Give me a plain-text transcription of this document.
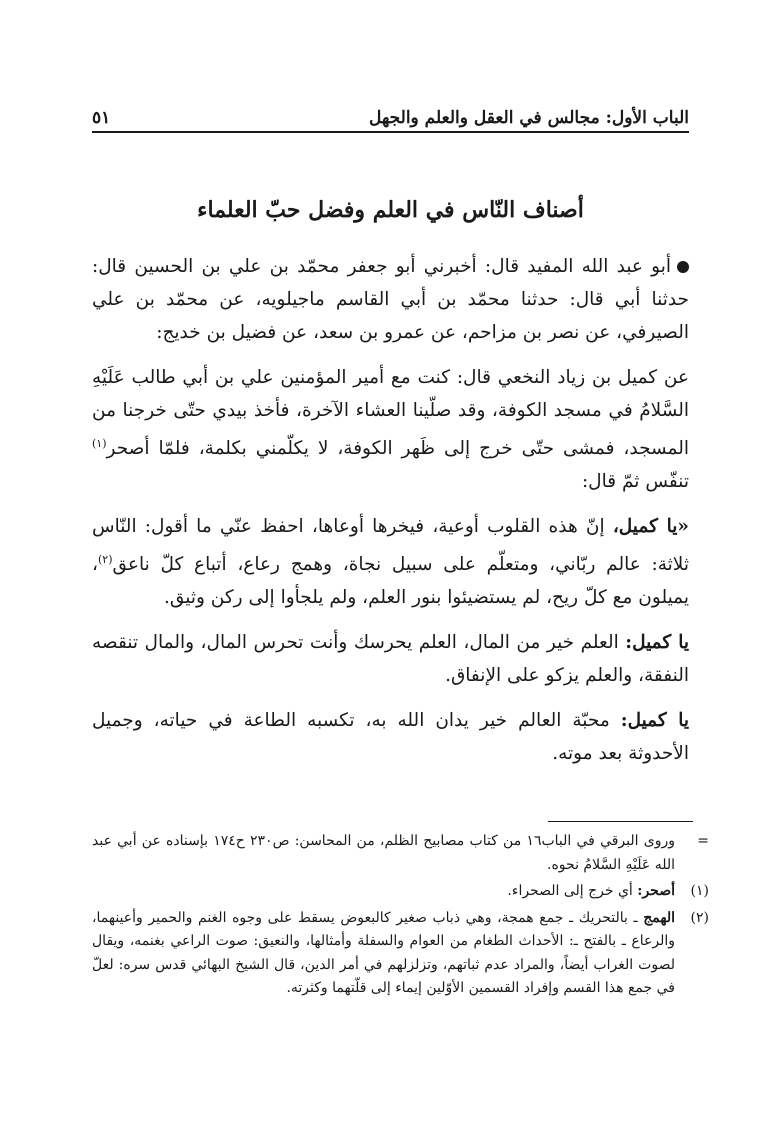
الباب الأول: مجالس في العقل والعلم والجهل
٥١
أصناف النّاس في العلم وفضل حبّ العلماء

أبو عبد الله المفيد قال: أخبرني أبو جعفر محمّد بن علي بن الحسين قال: حدثنا أبي قال: حدثنا محمّد بن أبي القاسم ماجيلويه، عن محمّد بن علي الصيرفي، عن نصر بن مزاحم، عن عمرو بن سعد، عن فضيل بن خديج:

عن كميل بن زياد النخعي قال: كنت مع أمير المؤمنين علي بن أبي طالب عَلَيْهِ السَّلامُ في مسجد الكوفة، وقد صلّينا العشاء الآخرة، فأخذ بيدي حتّى خرجنا من المسجد، فمشى حتّى خرج إلى ظَهر الكوفة، لا يكلّمني بكلمة، فلمّا أصحر$^{(١)}$ تنفّس ثمّ قال:

«يا كميل، إنّ هذه القلوب أوعية، فيخرها أوعاها، احفظ عنّي ما أقول: النّاس ثلاثة: عالم ربّاني، ومتعلّم على سبيل نجاة، وهمج رعاع، أتباع كلّ ناعق$^{(٢)}$، يميلون مع كلّ ريح، لم يستضيئوا بنور العلم، ولم يلجأوا إلى ركن وثيق.

يا كميل: العلم خير من المال، العلم يحرسك وأنت تحرس المال، والمال تنقصه النفقة، والعلم يزكو على الإنفاق.

يا كميل: محبّة العالم خير يدان الله به، تكسبه الطاعة في حياته، وجميل الأحدوثة بعد موته.

=
وروى البرقي في الباب١٦ من كتاب مصابيح الظلم، من المحاسن: ص٢٣٠ ح١٧٤ بإسناده عن أبي عبد الله عَلَيْهِ السَّلامُ نحوه.
(١)
أصحر: أي خرج إلى الصحراء.
(٢)
الهمج ـ بالتحريك ـ جمع همجة، وهي ذباب صغير كالبعوض يسقط على وجوه الغنم والحمير وأعينهما، والرعاع ـ بالفتح ـ: الأحداث الطغام من العوام والسفلة وأمثالها، والنعيق: صوت الراعي بغنمه، ويقال لصوت الغراب أيضاً، والمراد عدم ثباتهم، وتزلزلهم في أمر الدين، قال الشيخ البهائي قدس سره: لعلّ في جمع هذا القسم وإفراد القسمين الأوّلين إيماء إلى قلّتهما وكثرته.
